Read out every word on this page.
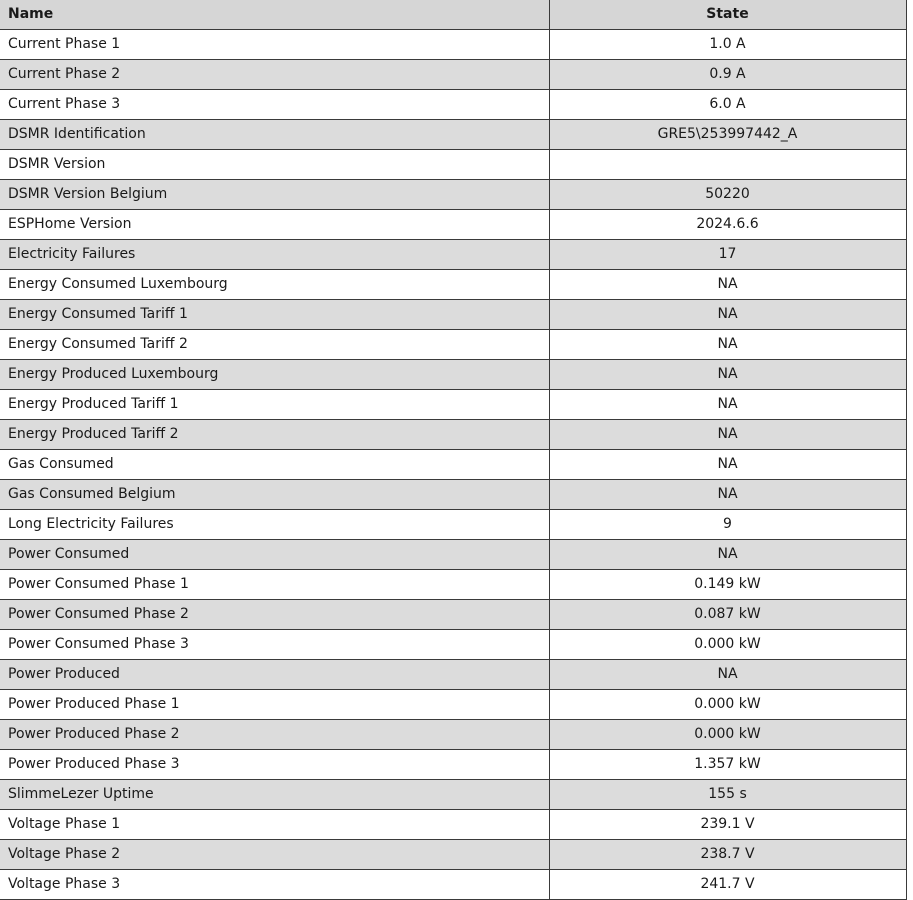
Name	State
Current Phase 1	1.0 A
Current Phase 2	0.9 A
Current Phase 3	6.0 A
DSMR Identification	GRE5\253997442_A
DSMR Version	
DSMR Version Belgium	50220
ESPHome Version	2024.6.6
Electricity Failures	17
Energy Consumed Luxembourg	NA
Energy Consumed Tariff 1	NA
Energy Consumed Tariff 2	NA
Energy Produced Luxembourg	NA
Energy Produced Tariff 1	NA
Energy Produced Tariff 2	NA
Gas Consumed	NA
Gas Consumed Belgium	NA
Long Electricity Failures	9
Power Consumed	NA
Power Consumed Phase 1	0.149 kW
Power Consumed Phase 2	0.087 kW
Power Consumed Phase 3	0.000 kW
Power Produced	NA
Power Produced Phase 1	0.000 kW
Power Produced Phase 2	0.000 kW
Power Produced Phase 3	1.357 kW
SlimmeLezer Uptime	155 s
Voltage Phase 1	239.1 V
Voltage Phase 2	238.7 V
Voltage Phase 3	241.7 V
